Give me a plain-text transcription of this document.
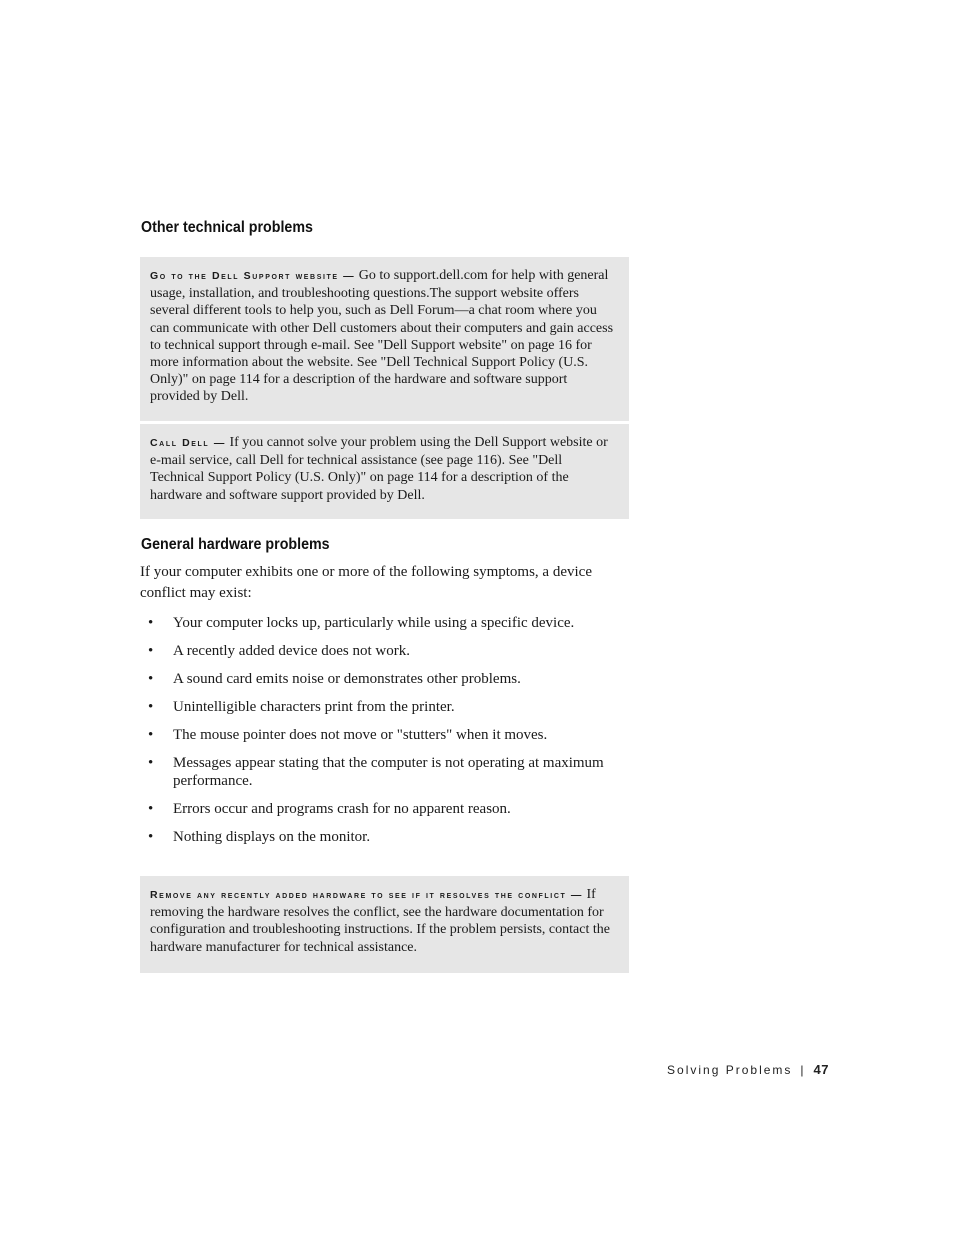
Other technical problems
Go to the Dell Support website — Go to support.dell.com for help with general usage, installation, and troubleshooting questions.The support website offers several different tools to help you, such as Dell Forum—a chat room where you can communicate with other Dell customers about their computers and gain access to technical support through e-mail. See "Dell Support website" on page 16 for more information about the website. See "Dell Technical Support Policy (U.S. Only)" on page 114 for a description of the hardware and software support provided by Dell.
Call Dell — If you cannot solve your problem using the Dell Support website or e-mail service, call Dell for technical assistance (see page 116). See "Dell Technical Support Policy (U.S. Only)" on page 114 for a description of the hardware and software support provided by Dell.
General hardware problems

If your computer exhibits one or more of the following symptoms, a device conflict may exist:

• Your computer locks up, particularly while using a specific device.
• A recently added device does not work.
• A sound card emits noise or demonstrates other problems.
• Unintelligible characters print from the printer.
• The mouse pointer does not move or "stutters" when it moves.
• Messages appear stating that the computer is not operating at maximum performance.
• Errors occur and programs crash for no apparent reason.
• Nothing displays on the monitor.
Remove any recently added hardware to see if it resolves the conflict — If removing the hardware resolves the conflict, see the hardware documentation for configuration and troubleshooting instructions. If the problem persists, contact the hardware manufacturer for technical assistance.
Solving Problems | 47
